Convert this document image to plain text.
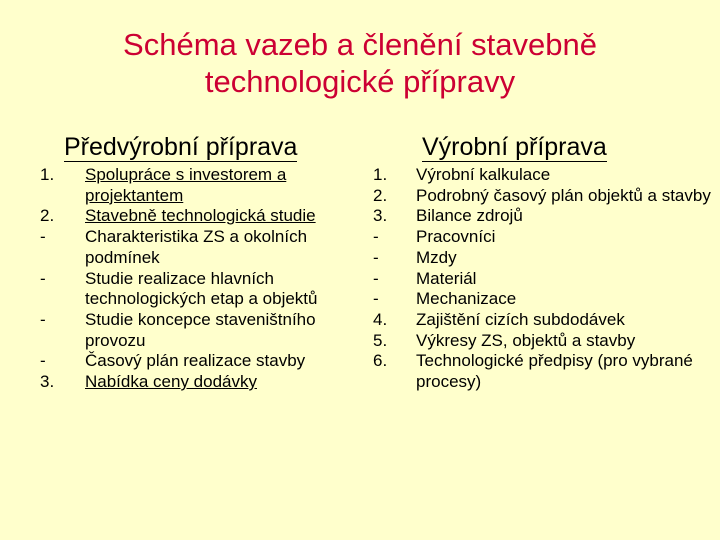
Schéma vazeb a členění stavebně
technologické přípravy
Předvýrobní příprava	Výrobní příprava
1. Spolupráce s investorem a projektantem
2. Stavebně technologická studie
- Charakteristika ZS a okolních podmínek
- Studie realizace hlavních technologických etap a objektů
- Studie koncepce staveništního provozu
- Časový plán realizace stavby
3. Nabídka ceny dodávky
1. Výrobní kalkulace
2. Podrobný časový plán objektů a stavby
3. Bilance zdrojů
- Pracovníci
- Mzdy
- Materiál
- Mechanizace
4. Zajištění cizích subdodávek
5. Výkresy ZS, objektů a stavby
6. Technologické předpisy (pro vybrané procesy)
